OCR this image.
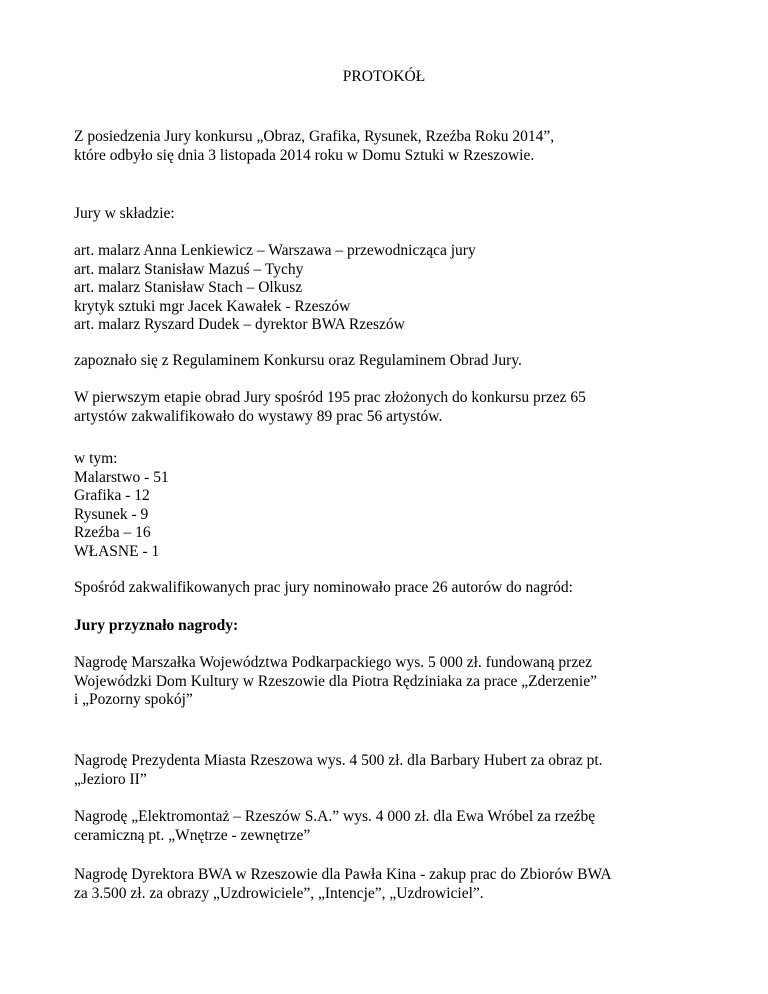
PROTOKÓŁ
Z posiedzenia Jury konkursu „Obraz, Grafika, Rysunek, Rzeźba Roku 2014”,
które odbyło się dnia 3 listopada 2014 roku w Domu Sztuki w Rzeszowie.
Jury w składzie:
art. malarz Anna Lenkiewicz – Warszawa – przewodnicząca jury
art. malarz Stanisław Mazuś – Tychy
art. malarz Stanisław Stach – Olkusz
krytyk sztuki mgr Jacek Kawałek - Rzeszów
art. malarz Ryszard Dudek – dyrektor BWA Rzeszów
zapoznało się z Regulaminem Konkursu oraz Regulaminem Obrad Jury.
W pierwszym etapie obrad Jury spośród 195 prac złożonych do konkursu przez 65
artystów zakwalifikowało do wystawy 89 prac 56 artystów.
w tym:
Malarstwo - 51
Grafika - 12
Rysunek - 9
Rzeźba – 16
WŁASNE - 1
Spośród zakwalifikowanych prac jury nominowało prace 26 autorów do nagród:
Jury przyznało nagrody:
Nagrodę Marszałka Województwa Podkarpackiego wys. 5 000 zł. fundowaną przez
Wojewódzki Dom Kultury w Rzeszowie dla Piotra Rędziniaka za prace „Zderzenie”
i „Pozorny spokój”
Nagrodę Prezydenta Miasta Rzeszowa wys. 4 500 zł. dla Barbary Hubert za obraz pt.
„Jezioro II”
Nagrodę „Elektromontaż – Rzeszów S.A.” wys. 4 000 zł. dla Ewa Wróbel za rzeźbę
ceramiczną pt. „Wnętrze - zewnętrze”
Nagrodę Dyrektora BWA w Rzeszowie dla Pawła Kina - zakup prac do Zbiorów BWA
za 3.500 zł. za obrazy „Uzdrowiciele”, „Intencje”, „Uzdrowiciel”.
